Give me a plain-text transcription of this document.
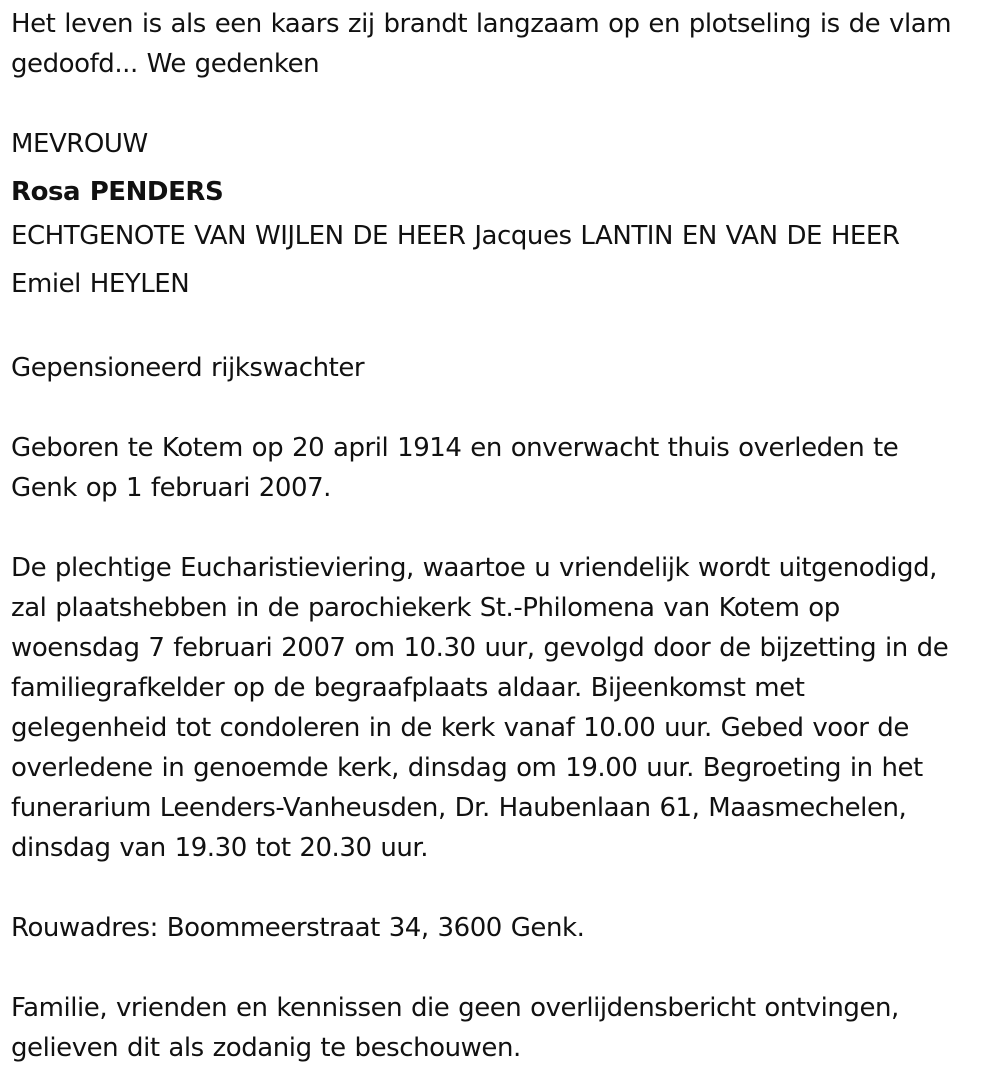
Het leven is als een kaars zij brandt langzaam op en plotseling is de vlam
gedoofd... We gedenken

MEVROUW

Rosa PENDERS

ECHTGENOTE VAN WIJLEN DE HEER Jacques LANTIN EN VAN DE HEER
Emiel HEYLEN

Gepensioneerd rijkswachter

Geboren te Kotem op 20 april 1914 en onverwacht thuis overleden te
Genk op 1 februari 2007.

De plechtige Eucharistieviering, waartoe u vriendelijk wordt uitgenodigd,
zal plaatshebben in de parochiekerk St.-Philomena van Kotem op
woensdag 7 februari 2007 om 10.30 uur, gevolgd door de bijzetting in de
familiegrafkelder op de begraafplaats aldaar. Bijeenkomst met
gelegenheid tot condoleren in de kerk vanaf 10.00 uur. Gebed voor de
overledene in genoemde kerk, dinsdag om 19.00 uur. Begroeting in het
funerarium Leenders-Vanheusden, Dr. Haubenlaan 61, Maasmechelen,
dinsdag van 19.30 tot 20.30 uur.

Rouwadres: Boommeerstraat 34, 3600 Genk.

Familie, vrienden en kennissen die geen overlijdensbericht ontvingen,
gelieven dit als zodanig te beschouwen.
